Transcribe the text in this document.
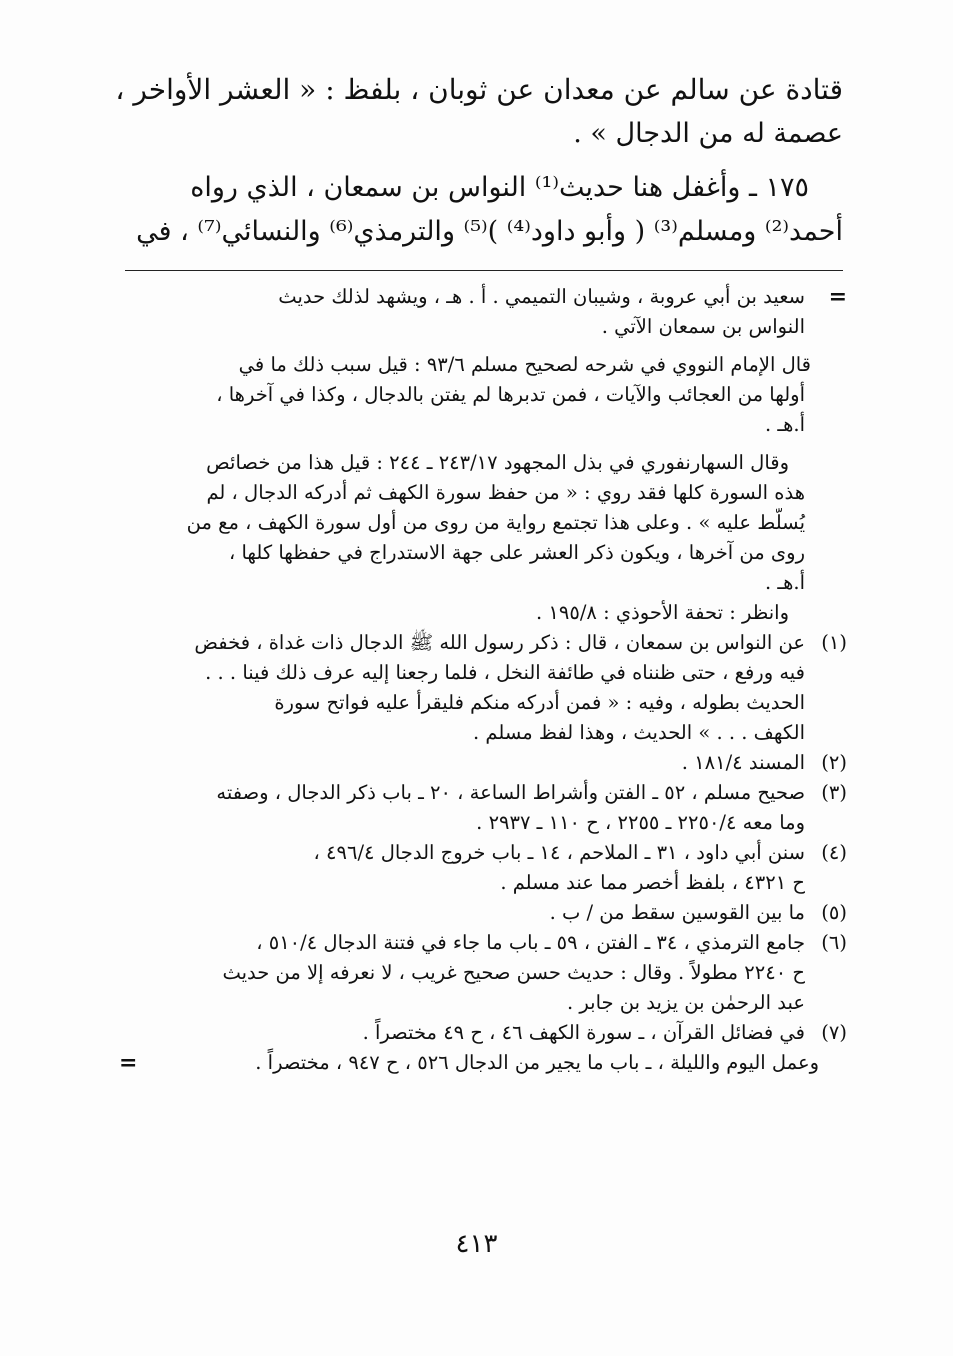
قتادة عن سالم عن معدان عن ثوبان ، بلفظ : « العشر الأواخر ،
عصمة له من الدجال » .
١٧٥ ـ وأغفل هنا حديث⁽¹⁾ النواس بن سمعان ، الذي رواه
أحمد⁽²⁾ ومسلم⁽³⁾ ( وأبو داود⁽⁴⁾ )⁽⁵⁾ والترمذي⁽⁶⁾ والنسائي⁽⁷⁾ ، في
=
سعيد بن أبي عروبة ، وشيبان التميمي . أ . هـ ، ويشهد لذلك حديث
النواس بن سمعان الآتي .
قال الإمام النووي في شرحه لصحيح مسلم ٩٣/٦ : قيل سبب ذلك ما في
أولها من العجائب والآيات ، فمن تدبرها لم يفتن بالدجال ، وكذا في آخرها ،
أ.هـ .
وقال السهارنفوري في بذل المجهود ٢٤٣/١٧ ـ ٢٤٤ : قيل هذا من خصائص
هذه السورة كلها فقد روي : « من حفظ سورة الكهف ثم أدركه الدجال ، لم
يُسلَّط عليه » . وعلى هذا تجتمع رواية من روى من أول سورة الكهف ، مع من
روى من آخرها ، ويكون ذكر العشر على جهة الاستدراج في حفظها كلها ،
أ.هـ .
وانظر : تحفة الأحوذي : ١٩٥/٨ .
(١)
عن النواس بن سمعان ، قال : ذكر رسول الله ﷺ الدجال ذات غداة ، فخفض
فيه ورفع ، حتى ظنناه في طائفة النخل ، فلما رجعنا إليه عرف ذلك فينا . . .
الحديث بطوله ، وفيه : « فمن أدركه منكم فليقرأ عليه فواتح سورة
الكهف . . . » الحديث ، وهذا لفظ مسلم .
(٢)
المسند ١٨١/٤ .
(٣)
صحيح مسلم ، ٥٢ ـ الفتن وأشراط الساعة ، ٢٠ ـ باب ذكر الدجال ، وصفته
وما معه ٢٢٥٠/٤ ـ ٢٢٥٥ ، ح ١١٠ ـ ٢٩٣٧ .
(٤)
سنن أبي داود ، ٣١ ـ الملاحم ، ١٤ ـ باب خروج الدجال ٤٩٦/٤ ،
ح ٤٣٢١ ، بلفظ أخصر مما عند مسلم .
(٥)
ما بين القوسين سقط من / ب .
(٦)
جامع الترمذي ، ٣٤ ـ الفتن ، ٥٩ ـ باب ما جاء في فتنة الدجال ٥١٠/٤ ،
ح ٢٢٤٠ مطولاً . وقال : حديث حسن صحيح غريب ، لا نعرفه إلا من حديث
عبد الرحمٰن بن يزيد بن جابر .
(٧)
في فضائل القرآن ، ـ سورة الكهف ٤٦ ، ح ٤٩ مختصراً .
وعمل اليوم والليلة ، ـ باب ما يجير من الدجال ٥٢٦ ، ح ٩٤٧ ، مختصراً .
=
٤١٣
